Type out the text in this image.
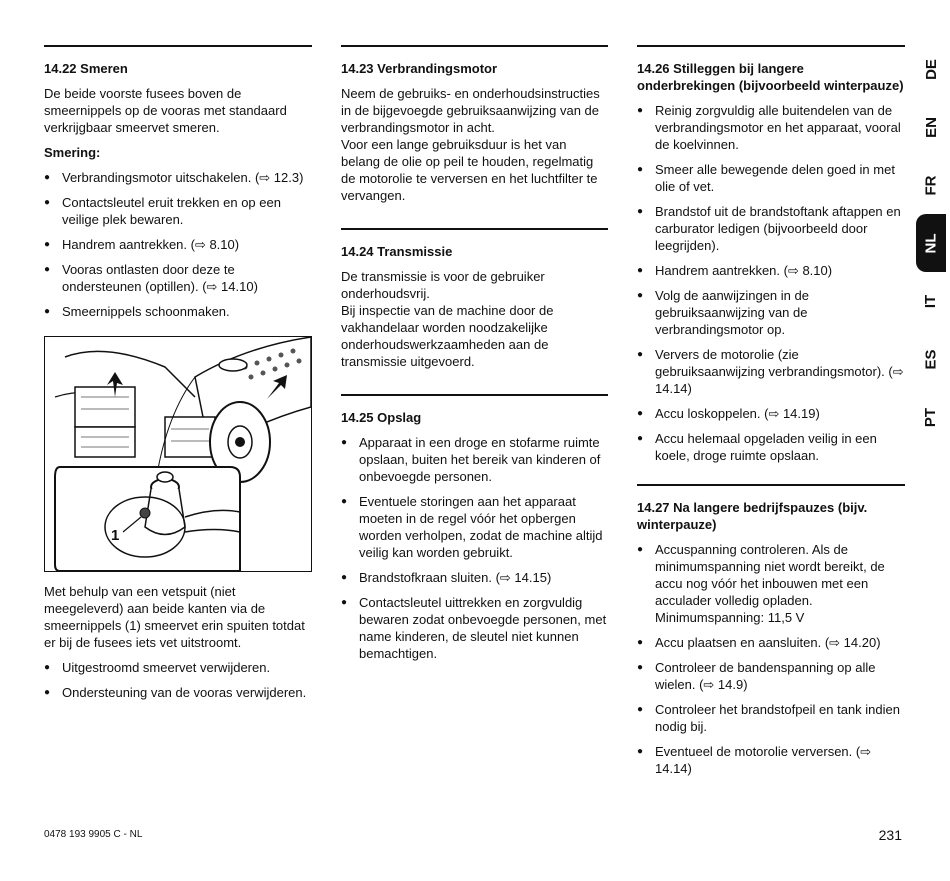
14.22 Smeren

De beide voorste fusees boven de smeernippels op de vooras met standaard verkrijgbaar smeervet smeren.

Smering:
● Verbrandingsmotor uitschakelen. (⇨ 12.3)
● Contactsleutel eruit trekken en op een veilige plek bewaren.
● Handrem aantrekken. (⇨ 8.10)
● Vooras ontlasten door deze te ondersteunen (optillen). (⇨ 14.10)
● Smeernippels schoonmaken.
1

Met behulp van een vetspuit (niet meegeleverd) aan beide kanten via de smeernippels (1) smeervet erin spuiten totdat er bij de fusees iets vet uitstroomt.

● Uitgestroomd smeervet verwijderen.
● Ondersteuning van de vooras verwijderen.
14.23 Verbrandingsmotor

Neem de gebruiks- en onderhoudsinstructies in de bijgevoegde gebruiksaanwijzing van de verbrandingsmotor in acht.

Voor een lange gebruiksduur is het van belang de olie op peil te houden, regelmatig de motorolie te verversen en het luchtfilter te vervangen.

14.24 Transmissie

De transmissie is voor de gebruiker onderhoudsvrij.

Bij inspectie van de machine door de vakhandelaar worden noodzakelijke onderhoudswerkzaamheden aan de transmissie uitgevoerd.

14.25 Opslag
● Apparaat in een droge en stofarme ruimte opslaan, buiten het bereik van kinderen of onbevoegde personen.
● Eventuele storingen aan het apparaat moeten in de regel vóór het opbergen worden verholpen, zodat de machine altijd veilig kan worden gebruikt.
● Brandstofkraan sluiten. (⇨ 14.15)
● Contactsleutel uittrekken en zorgvuldig bewaren zodat onbevoegde personen, met name kinderen, de sleutel niet kunnen bemachtigen.
14.26 Stilleggen bij langere onderbrekingen (bijvoorbeeld winterpauze)
● Reinig zorgvuldig alle buitendelen van de verbrandingsmotor en het apparaat, vooral de koelvinnen.
● Smeer alle bewegende delen goed in met olie of vet.
● Brandstof uit de brandstoftank aftappen en carburator ledigen (bijvoorbeeld door leegrijden).
● Handrem aantrekken. (⇨ 8.10)
● Volg de aanwijzingen in de gebruiksaanwijzing van de verbrandingsmotor op.
● Ververs de motorolie (zie gebruiksaanwijzing verbrandingsmotor). (⇨ 14.14)
● Accu loskoppelen. (⇨ 14.19)
● Accu helemaal opgeladen veilig in een koele, droge ruimte opslaan.
14.27 Na langere bedrijfspauzes (bijv. winterpauze)
● Accuspanning controleren. Als de minimumspanning niet wordt bereikt, de accu nog vóór het inbouwen met een acculader volledig opladen. Minimumspanning: 11,5 V
● Accu plaatsen en aansluiten. (⇨ 14.20)
● Controleer de bandenspanning op alle wielen. (⇨ 14.9)
● Controleer het brandstofpeil en tank indien nodig bij.
● Eventueel de motorolie verversen. (⇨ 14.14)
DE
EN
FR
NL
IT
ES
PT
0478 193 9905 C - NL	231
